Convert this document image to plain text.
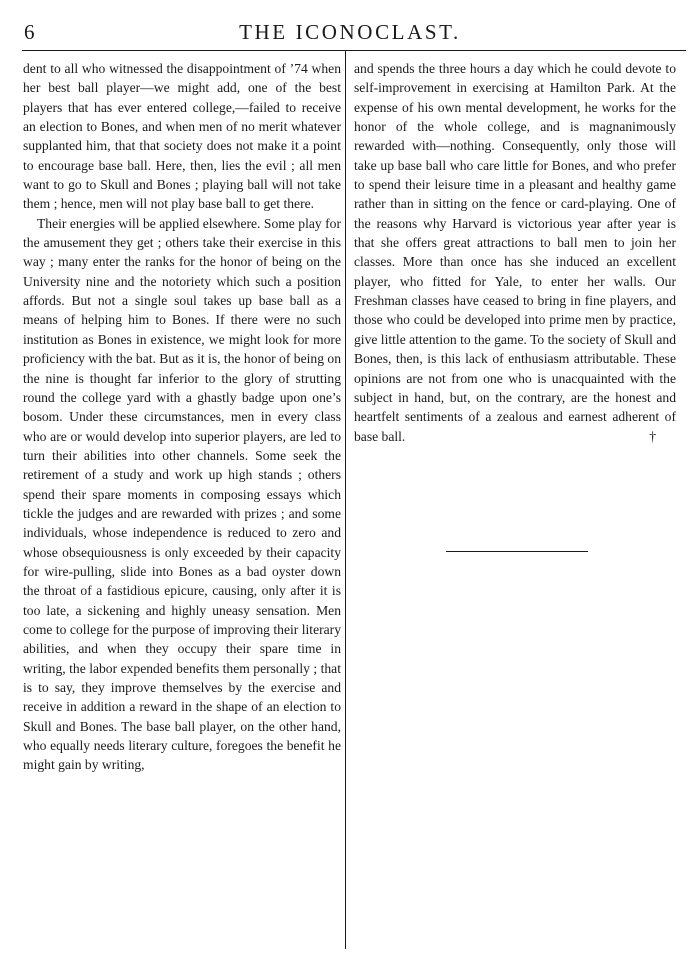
6	THE ICONOCLAST.

dent to all who witnessed the disappointment of ’74 when her best ball player—we might add, one of the best players that has ever entered college,—failed to receive an election to Bones, and when men of no merit whatever supplanted him, that that society does not make it a point to encourage base ball. Here, then, lies the evil ; all men want to go to Skull and Bones ; playing ball will not take them ; hence, men will not play base ball to get there.

Their energies will be applied elsewhere. Some play for the amusement they get ; others take their exercise in this way ; many enter the ranks for the honor of being on the University nine and the notoriety which such a position affords. But not a single soul takes up base ball as a means of helping him to Bones. If there were no such institution as Bones in existence, we might look for more proficiency with the bat. But as it is, the honor of being on the nine is thought far inferior to the glory of strutting round the college yard with a ghastly badge upon one’s bosom. Under these circumstances, men in every class who are or would develop into superior players, are led to turn their abilities into other channels. Some seek the retirement of a study and work up high stands ; others spend their spare moments in composing essays which tickle the judges and are rewarded with prizes ; and some individuals, whose independence is reduced to zero and whose obsequiousness is only exceeded by their capacity for wire-pulling, slide into Bones as a bad oyster down the throat of a fastidious epicure, causing, only after it is too late, a sickening and highly uneasy sensation. Men come to college for the purpose of improving their literary abilities, and when they occupy their spare time in writing, the labor expended benefits them personally ; that is to say, they improve themselves by the exercise and receive in addition a reward in the shape of an election to Skull and Bones. The base ball player, on the other hand, who equally needs literary culture, foregoes the benefit he might gain by writing,

and spends the three hours a day which he could devote to self-improvement in exercising at Hamilton Park. At the expense of his own mental development, he works for the honor of the whole college, and is magnanimously rewarded with—nothing. Consequently, only those will take up base ball who care little for Bones, and who prefer to spend their leisure time in a pleasant and healthy game rather than in sitting on the fence or card-playing. One of the reasons why Harvard is victorious year after year is that she offers great attractions to ball men to join her classes. More than once has she induced an excellent player, who fitted for Yale, to enter her walls. Our Freshman classes have ceased to bring in fine players, and those who could be developed into prime men by practice, give little attention to the game. To the society of Skull and Bones, then, is this lack of enthusiasm attributable. These opinions are not from one who is unacquainted with the subject in hand, but, on the contrary, are the honest and heartfelt sentiments of a zealous and earnest adherent of base ball.	†
